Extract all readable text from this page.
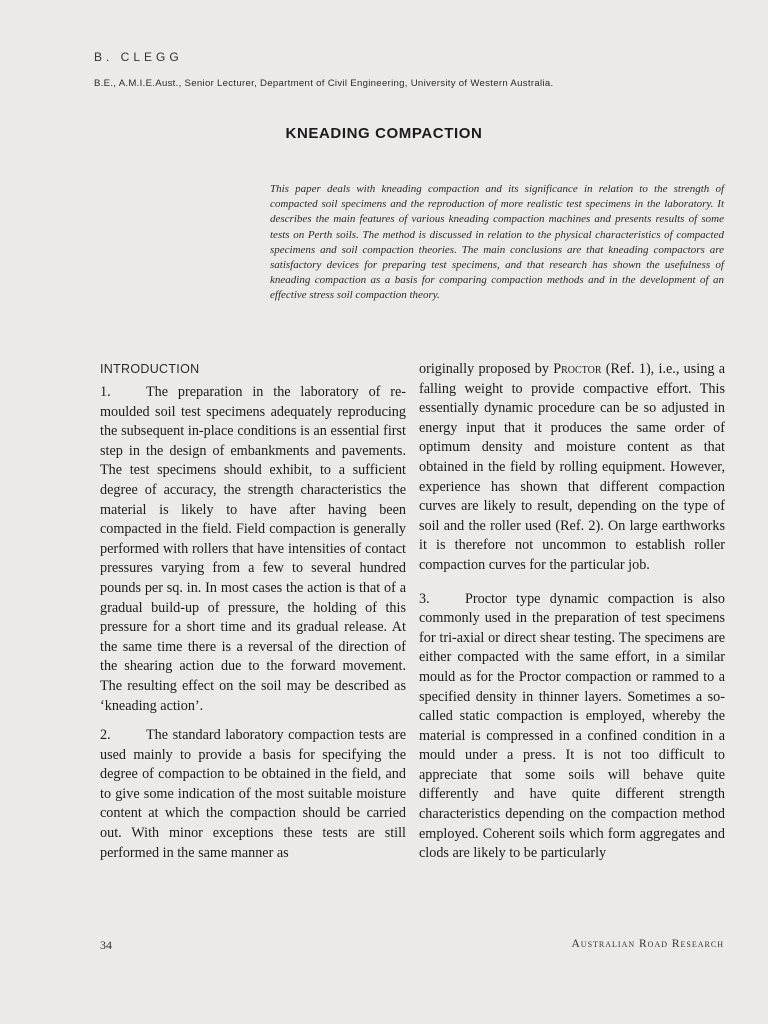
B. CLEGG
B.E., A.M.I.E.Aust., Senior Lecturer, Department of Civil Engineering, University of Western Australia.
KNEADING COMPACTION

This paper deals with kneading compaction and its significance in relation to the strength of compacted soil specimens and the reproduction of more realistic test specimens in the laboratory. It describes the main features of various kneading compaction machines and presents results of some tests on Perth soils. The method is discussed in relation to the physical characteristics of compacted specimens and soil compaction theories. The main conclusions are that kneading compactors are satisfactory devices for preparing test specimens, and that research has shown the usefulness of kneading compaction as a basis for comparing compaction methods and in the development of an effective stress soil compaction theory.

INTRODUCTION

1. The preparation in the laboratory of re-moulded soil test specimens adequately reproducing the subsequent in-place conditions is an essential first step in the design of embankments and pavements. The test specimens should exhibit, to a sufficient degree of accuracy, the strength characteristics the material is likely to have after having been compacted in the field. Field compaction is generally performed with rollers that have intensities of contact pressures varying from a few to several hundred pounds per sq. in. In most cases the action is that of a gradual build-up of pressure, the holding of this pressure for a short time and its gradual release. At the same time there is a reversal of the direction of the shearing action due to the forward movement. The resulting effect on the soil may be described as ‘kneading action’.

2. The standard laboratory compaction tests are used mainly to provide a basis for specifying the degree of compaction to be obtained in the field, and to give some indication of the most suitable moisture content at which the compaction should be carried out. With minor exceptions these tests are still performed in the same manner as

originally proposed by Proctor (Ref. 1), i.e., using a falling weight to provide compactive effort. This essentially dynamic procedure can be so adjusted in energy input that it produces the same order of optimum density and moisture content as that obtained in the field by rolling equipment. However, experience has shown that different compaction curves are likely to result, depending on the type of soil and the roller used (Ref. 2). On large earthworks it is therefore not uncommon to establish roller compaction curves for the particular job.

3. Proctor type dynamic compaction is also commonly used in the preparation of test specimens for tri-axial or direct shear testing. The specimens are either compacted with the same effort, in a similar mould as for the Proctor compaction or rammed to a specified density in thinner layers. Sometimes a so-called static compaction is employed, whereby the material is compressed in a confined condition in a mould under a press. It is not too difficult to appreciate that some soils will behave quite differently and have quite different strength characteristics depending on the compaction method employed. Coherent soils which form aggregates and clods are likely to be particularly

34	Australian Road Research
